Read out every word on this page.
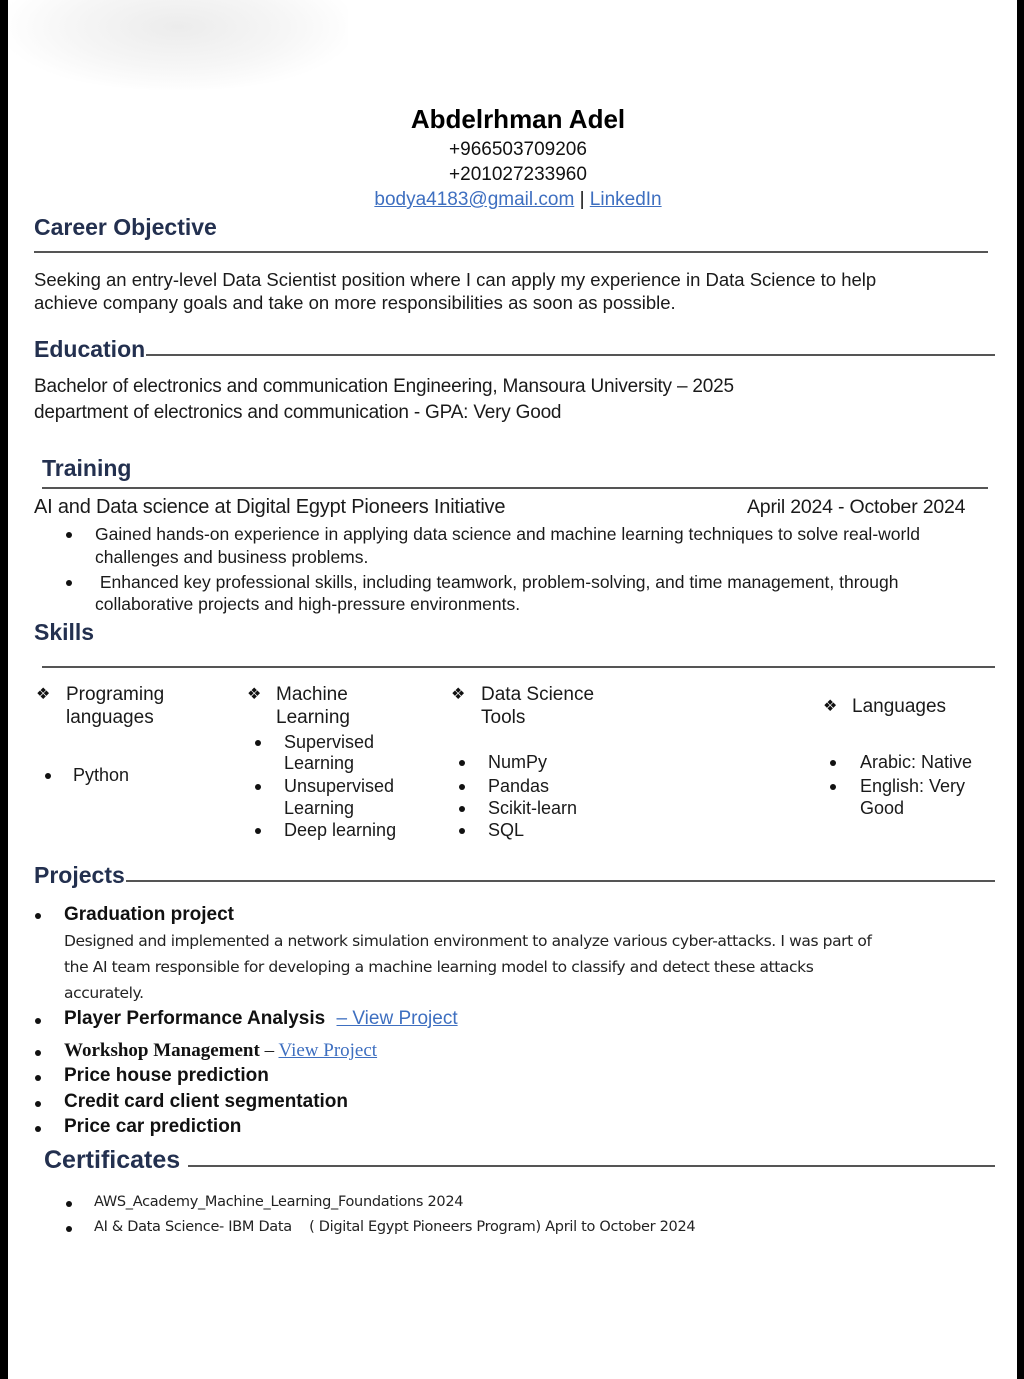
Abdelrhman Adel
+966503709206
+201027233960
bodya4183@gmail.com | LinkedIn
Career Objective
Seeking an entry-level Data Scientist position where I can apply my experience in Data Science to help
achieve company goals and take on more responsibilities as soon as possible.
Education
Bachelor of electronics and communication Engineering, Mansoura University – 2025
department of electronics and communication - GPA: Very Good
Training
AI and Data science at Digital Egypt Pioneers Initiative	April 2024 - October 2024
Gained hands-on experience in applying data science and machine learning techniques to solve real-world
challenges and business problems.
Enhanced key professional skills, including teamwork, problem-solving, and time management, through
collaborative projects and high-pressure environments.
Skills
❖ Programing
languages
Python
❖ Machine
Learning
Supervised
Learning
Unsupervised
Learning
Deep learning
❖ Data Science
Tools
NumPy
Pandas
Scikit-learn
SQL
❖ Languages
Arabic: Native
English: Very
Good
Projects
Graduation project
Designed and implemented a network simulation environment to analyze various cyber-attacks. I was part of
the AI team responsible for developing a machine learning model to classify and detect these attacks
accurately.
Player Performance Analysis – View Project
Workshop Management – View Project
Price house prediction
Credit card client segmentation
Price car prediction
Certificates
AWS_Academy_Machine_Learning_Foundations 2024
AI & Data Science- IBM Data    ( Digital Egypt Pioneers Program) April to October 2024
